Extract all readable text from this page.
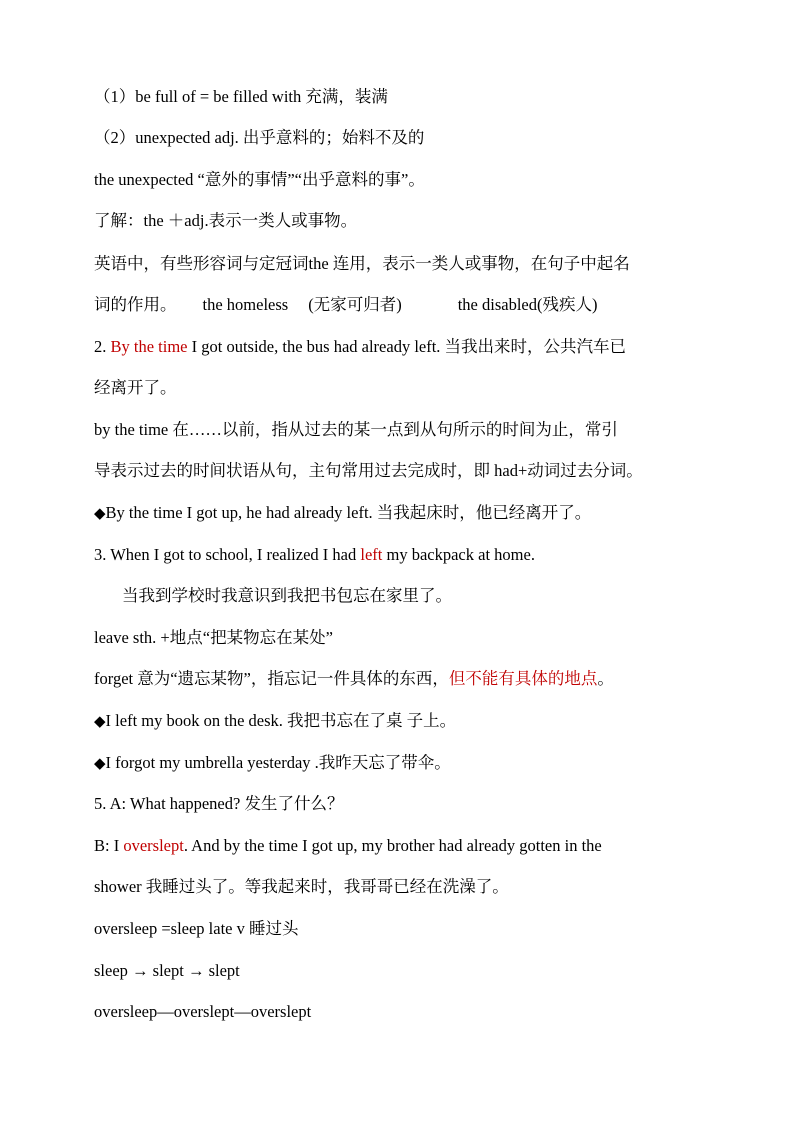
（1）be full of = be filled with 充满，装满
（2）unexpected adj. 出乎意料的；始料不及的
the unexpected “意外的事情”“出乎意料的事”。
了解：the ＋adj.表示一类人或事物。
英语中，有些形容词与定冠词the 连用，表示一类人或事物，在句子中起名
词的作用。 the homeless (无家可归者)	the disabled(残疾人)
2. By the time I got outside, the bus had already left. 当我出来时，公共汽车已
经离开了。
by the time 在……以前，指从过去的某一点到从句所示的时间为止，常引
导表示过去的时间状语从句，主句常用过去完成时，即 had+动词过去分词。
◆By the time I got up, he had already left. 当我起床时，他已经离开了。
3. When I got to school, I realized I had left my backpack at home.
当我到学校时我意识到我把书包忘在家里了。
leave sth. +地点“把某物忘在某处”
forget 意为“遗忘某物”，指忘记一件具体的东西，但不能有具体的地点。
◆I left my book on the desk. 我把书忘在了桌 子上。
◆I forgot my umbrella yesterday .我昨天忘了带伞。
5. A: What happened? 发生了什么？
B: I overslept. And by the time I got up, my brother had already gotten in the
shower 我睡过头了。等我起来时，我哥哥已经在洗澡了。
oversleep =sleep late v 睡过头
sleep → slept → slept
oversleep—overslept—overslept
